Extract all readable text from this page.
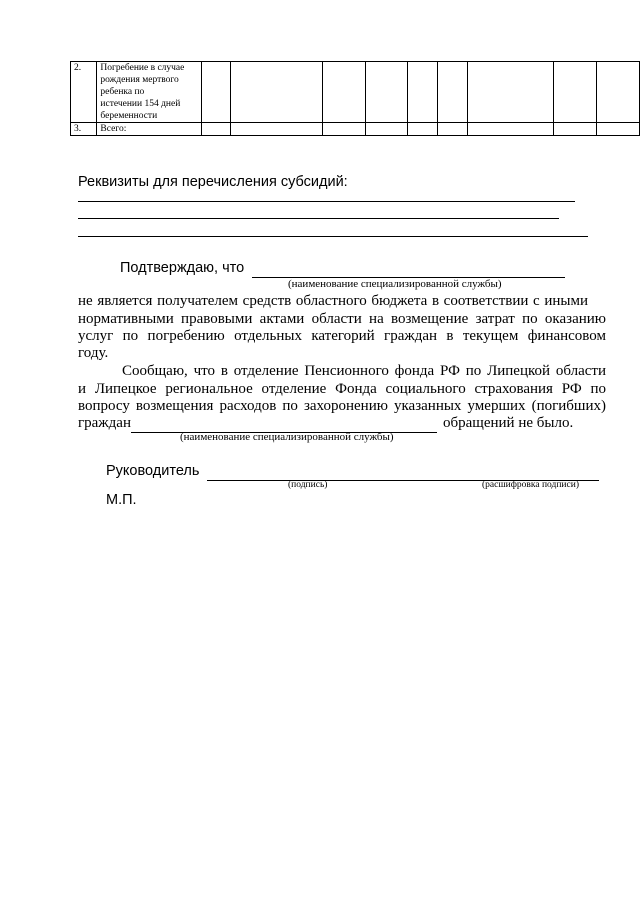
2.	Погребение в случае
рождения мертвого
ребенка по
истечении 154 дней
беременности									

3.	Всего:									

Реквизиты для перечисления субсидий:
Подтверждаю, что
(наименование специализированной службы)
не является получателем средств областного бюджета в соответствии с иными
нормативными правовыми актами области на возмещение затрат по оказанию
услуг по погребению отдельных категорий граждан в текущем финансовом
году.
Сообщаю, что в отделение Пенсионного фонда РФ по Липецкой области
и Липецкое региональное отделение Фонда социального страхования РФ по
вопросу возмещения расходов по захоронению указанных умерших (погибших)
граждан	обращений не было.
(наименование специализированной службы)
Руководитель
(подпись)	(расшифровка подписи)
М.П.
